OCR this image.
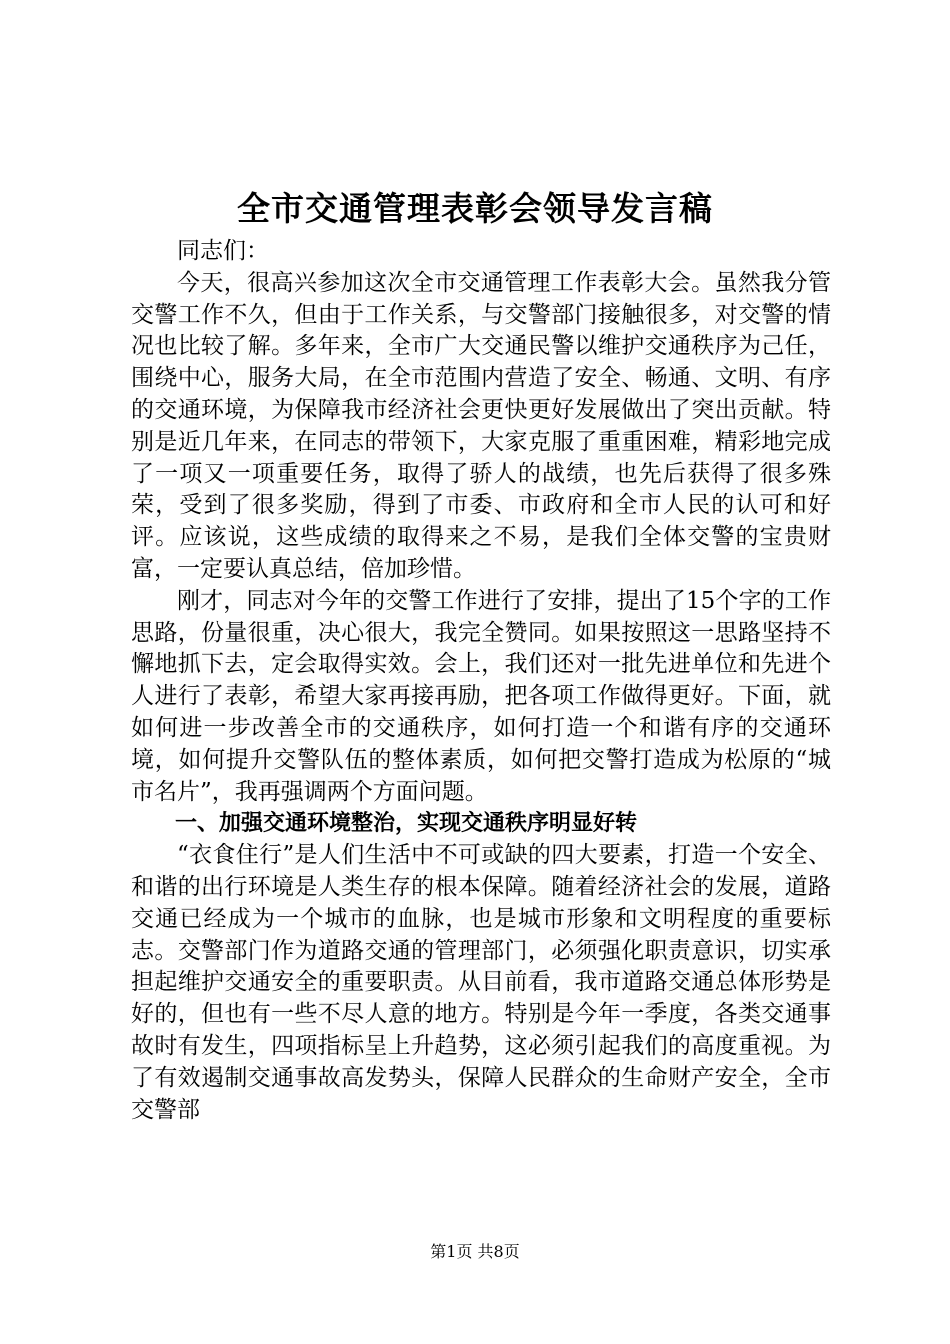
全市交通管理表彰会领导发言稿

同志们：

今天，很高兴参加这次全市交通管理工作表彰大会。虽然我分管交警工作不久，但由于工作关系，与交警部门接触很多，对交警的情况也比较了解。多年来，全市广大交通民警以维护交通秩序为己任，围绕中心，服务大局，在全市范围内营造了安全、畅通、文明、有序的交通环境，为保障我市经济社会更快更好发展做出了突出贡献。特别是近几年来，在同志的带领下，大家克服了重重困难，精彩地完成了一项又一项重要任务，取得了骄人的战绩，也先后获得了很多殊荣，受到了很多奖励，得到了市委、市政府和全市人民的认可和好评。应该说，这些成绩的取得来之不易，是我们全体交警的宝贵财富，一定要认真总结，倍加珍惜。

刚才，同志对今年的交警工作进行了安排，提出了15个字的工作思路，份量很重，决心很大，我完全赞同。如果按照这一思路坚持不懈地抓下去，定会取得实效。会上，我们还对一批先进单位和先进个人进行了表彰，希望大家再接再励，把各项工作做得更好。下面，就如何进一步改善全市的交通秩序，如何打造一个和谐有序的交通环境，如何提升交警队伍的整体素质，如何把交警打造成为松原的“城市名片”，我再强调两个方面问题。

一、加强交通环境整治，实现交通秩序明显好转

“衣食住行”是人们生活中不可或缺的四大要素，打造一个安全、和谐的出行环境是人类生存的根本保障。随着经济社会的发展，道路交通已经成为一个城市的血脉，也是城市形象和文明程度的重要标志。交警部门作为道路交通的管理部门，必须强化职责意识，切实承担起维护交通安全的重要职责。从目前看，我市道路交通总体形势是好的，但也有一些不尽人意的地方。特别是今年一季度，各类交通事故时有发生，四项指标呈上升趋势，这必须引起我们的高度重视。为了有效遏制交通事故高发势头，保障人民群众的生命财产安全，全市交警部

第1页 共8页
